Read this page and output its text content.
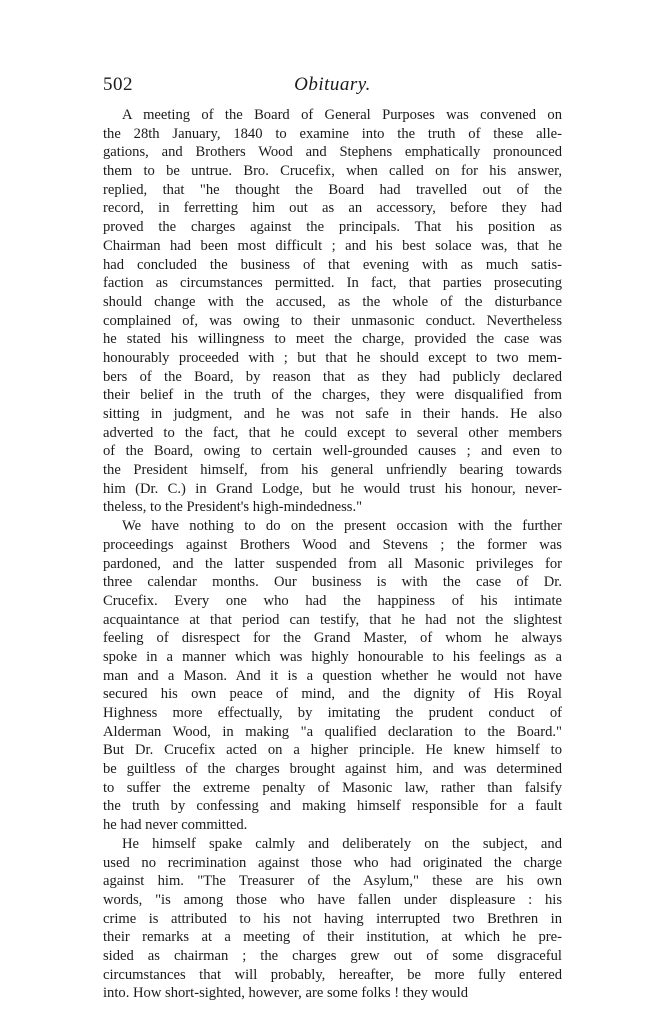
502	Obituary.
A meeting of the Board of General Purposes was convened on
the 28th January, 1840 to examine into the truth of these alle-
gations, and Brothers Wood and Stephens emphatically pronounced
them to be untrue. Bro. Crucefix, when called on for his answer,
replied, that "he thought the Board had travelled out of the
record, in ferretting him out as an accessory, before they had
proved the charges against the principals. That his position as
Chairman had been most difficult ; and his best solace was, that he
had concluded the business of that evening with as much satis-
faction as circumstances permitted. In fact, that parties prosecuting
should change with the accused, as the whole of the disturbance
complained of, was owing to their unmasonic conduct. Nevertheless
he stated his willingness to meet the charge, provided the case was
honourably proceeded with ; but that he should except to two mem-
bers of the Board, by reason that as they had publicly declared
their belief in the truth of the charges, they were disqualified from
sitting in judgment, and he was not safe in their hands. He also
adverted to the fact, that he could except to several other members
of the Board, owing to certain well-grounded causes ; and even to
the President himself, from his general unfriendly bearing towards
him (Dr. C.) in Grand Lodge, but he would trust his honour, never-
theless, to the President's high-mindedness."
We have nothing to do on the present occasion with the further
proceedings against Brothers Wood and Stevens ; the former was
pardoned, and the latter suspended from all Masonic privileges for
three calendar months. Our business is with the case of Dr.
Crucefix. Every one who had the happiness of his intimate
acquaintance at that period can testify, that he had not the slightest
feeling of disrespect for the Grand Master, of whom he always
spoke in a manner which was highly honourable to his feelings as a
man and a Mason. And it is a question whether he would not have
secured his own peace of mind, and the dignity of His Royal
Highness more effectually, by imitating the prudent conduct of
Alderman Wood, in making "a qualified declaration to the Board."
But Dr. Crucefix acted on a higher principle. He knew himself to
be guiltless of the charges brought against him, and was determined
to suffer the extreme penalty of Masonic law, rather than falsify
the truth by confessing and making himself responsible for a fault
he had never committed.
He himself spake calmly and deliberately on the subject, and
used no recrimination against those who had originated the charge
against him. "The Treasurer of the Asylum," these are his own
words, "is among those who have fallen under displeasure : his
crime is attributed to his not having interrupted two Brethren in
their remarks at a meeting of their institution, at which he pre-
sided as chairman ; the charges grew out of some disgraceful
circumstances that will probably, hereafter, be more fully entered
into. How short-sighted, however, are some folks ! they would
